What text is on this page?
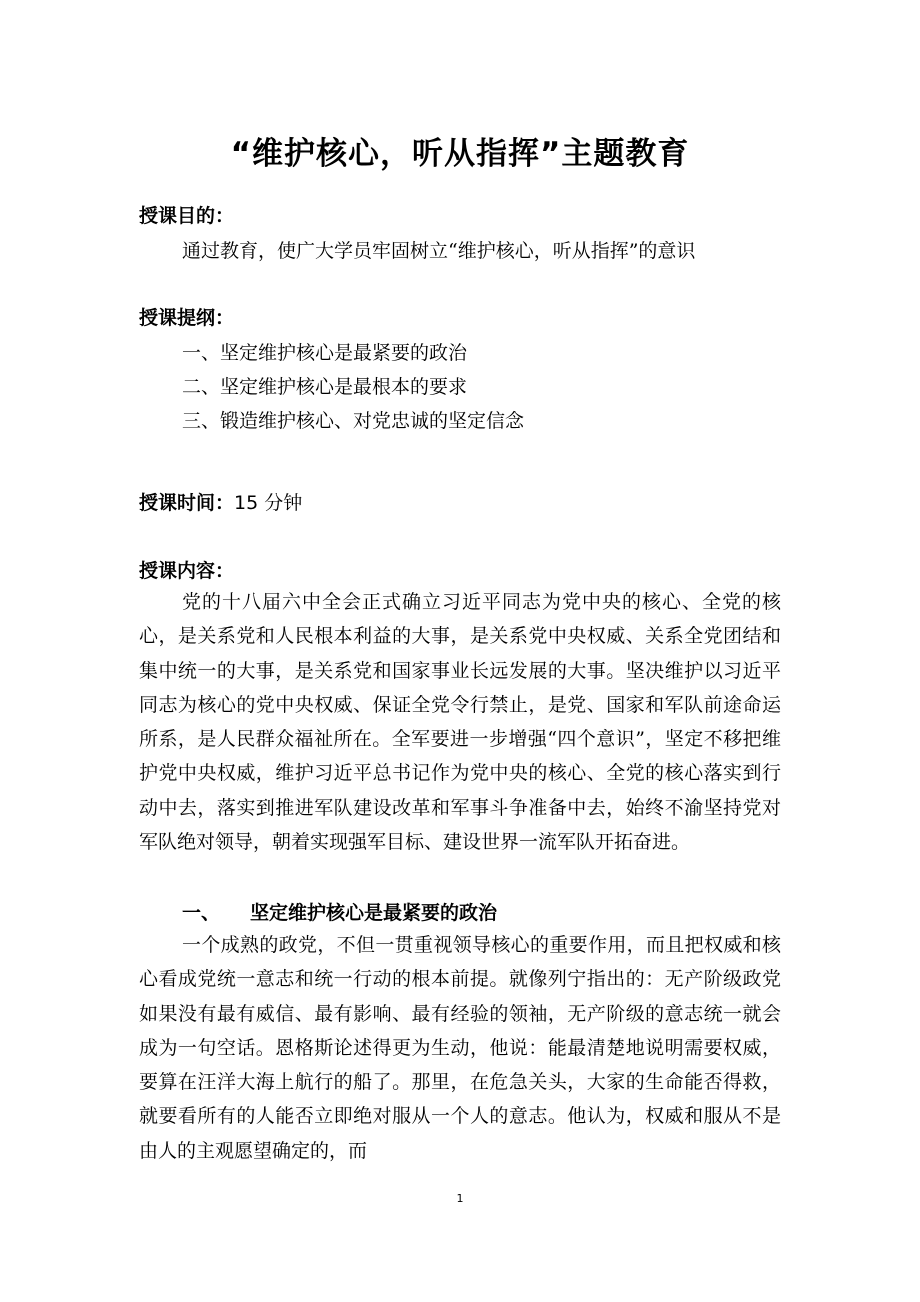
“维护核心，听从指挥”主题教育
授课目的：
通过教育，使广大学员牢固树立“维护核心，听从指挥”的意识
授课提纲：
一、坚定维护核心是最紧要的政治
二、坚定维护核心是最根本的要求
三、锻造维护核心、对党忠诚的坚定信念
授课时间：15 分钟
授课内容：

党的十八届六中全会正式确立习近平同志为党中央的核心、全党的核心，是关系党和人民根本利益的大事，是关系党中央权威、关系全党团结和集中统一的大事，是关系党和国家事业长远发展的大事。坚决维护以习近平同志为核心的党中央权威、保证全党令行禁止，是党、国家和军队前途命运所系，是人民群众福祉所在。全军要进一步增强“四个意识”，坚定不移把维护党中央权威，维护习近平总书记作为党中央的核心、全党的核心落实到行动中去，落实到推进军队建设改革和军事斗争准备中去，始终不渝坚持党对军队绝对领导，朝着实现强军目标、建设世界一流军队开拓奋进。

一、 坚定维护核心是最紧要的政治

一个成熟的政党，不但一贯重视领导核心的重要作用，而且把权威和核心看成党统一意志和统一行动的根本前提。就像列宁指出的：无产阶级政党如果没有最有威信、最有影响、最有经验的领袖，无产阶级的意志统一就会成为一句空话。恩格斯论述得更为生动，他说：能最清楚地说明需要权威，要算在汪洋大海上航行的船了。那里，在危急关头，大家的生命能否得救，就要看所有的人能否立即绝对服从一个人的意志。他认为，权威和服从不是由人的主观愿望确定的，而

1
